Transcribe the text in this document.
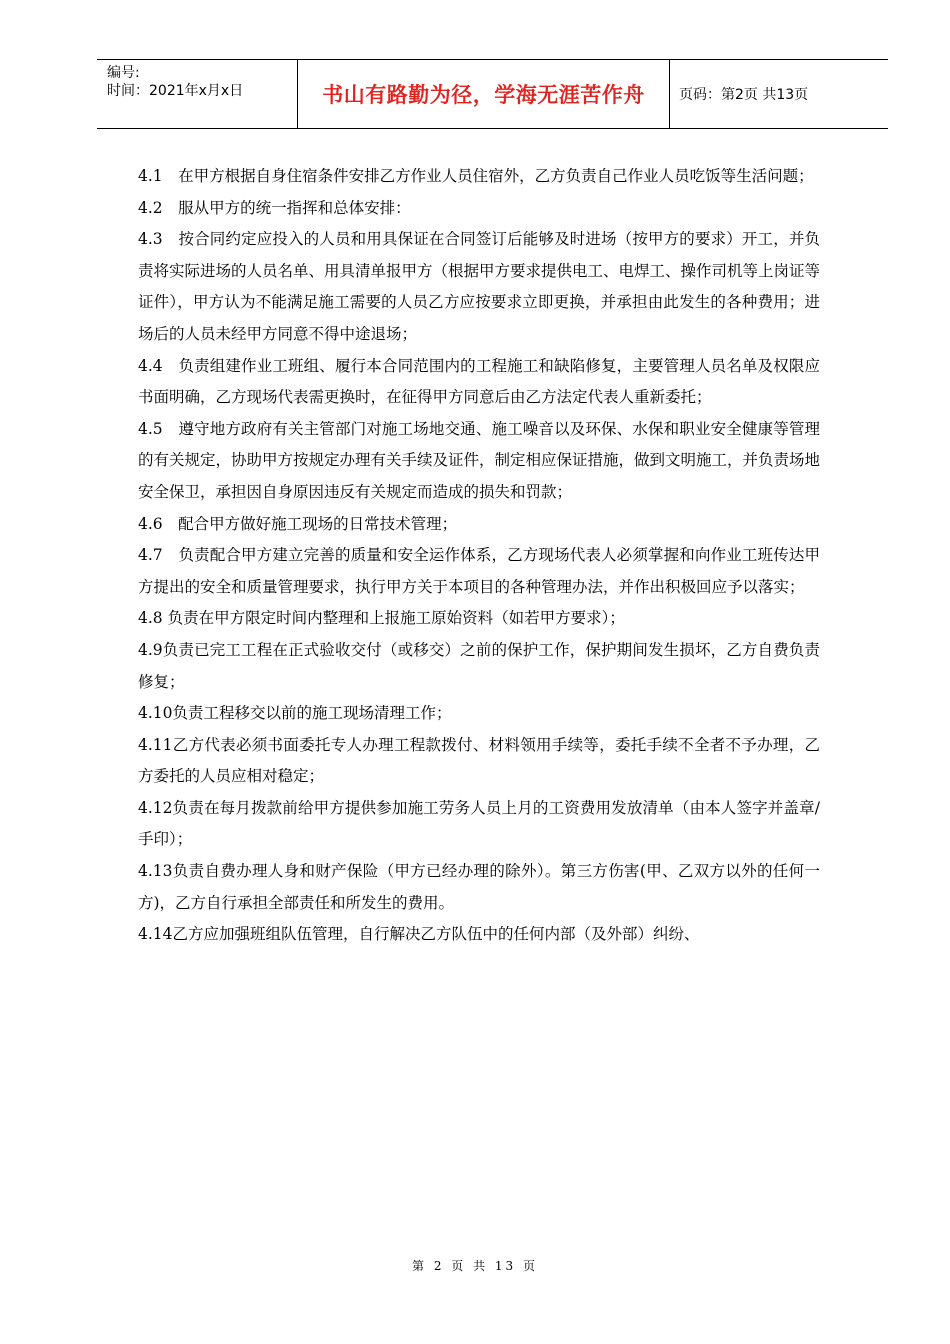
编号:
时间：2021年x月x日	书山有路勤为径，学海无涯苦作舟	页码：第2页 共13页

4.1　在甲方根据自身住宿条件安排乙方作业人员住宿外，乙方负责自己作业人员吃饭等生活问题；

4.2　服从甲方的统一指挥和总体安排：

4.3　按合同约定应投入的人员和用具保证在合同签订后能够及时进场（按甲方的要求）开工，并负责将实际进场的人员名单、用具清单报甲方（根据甲方要求提供电工、电焊工、操作司机等上岗证等证件），甲方认为不能满足施工需要的人员乙方应按要求立即更换，并承担由此发生的各种费用；进场后的人员未经甲方同意不得中途退场；

4.4　负责组建作业工班组、履行本合同范围内的工程施工和缺陷修复，主要管理人员名单及权限应书面明确，乙方现场代表需更换时，在征得甲方同意后由乙方法定代表人重新委托；

4.5　遵守地方政府有关主管部门对施工场地交通、施工噪音以及环保、水保和职业安全健康等管理的有关规定，协助甲方按规定办理有关手续及证件，制定相应保证措施，做到文明施工，并负责场地安全保卫，承担因自身原因违反有关规定而造成的损失和罚款；

4.6　配合甲方做好施工现场的日常技术管理；

4.7　负责配合甲方建立完善的质量和安全运作体系，乙方现场代表人必须掌握和向作业工班传达甲方提出的安全和质量管理要求，执行甲方关于本项目的各种管理办法，并作出积极回应予以落实；

4.8 负责在甲方限定时间内整理和上报施工原始资料（如若甲方要求）；

4.9负责已完工工程在正式验收交付（或移交）之前的保护工作，保护期间发生损坏，乙方自费负责修复；

4.10负责工程移交以前的施工现场清理工作；

4.11乙方代表必须书面委托专人办理工程款拨付、材料领用手续等，委托手续不全者不予办理，乙方委托的人员应相对稳定；

4.12负责在每月拨款前给甲方提供参加施工劳务人员上月的工资费用发放清单（由本人签字并盖章/手印）；

4.13负责自费办理人身和财产保险（甲方已经办理的除外）。第三方伤害(甲、乙双方以外的任何一方)，乙方自行承担全部责任和所发生的费用。

4.14乙方应加强班组队伍管理，自行解决乙方队伍中的任何内部（及外部）纠纷、

第 2 页 共 13 页
